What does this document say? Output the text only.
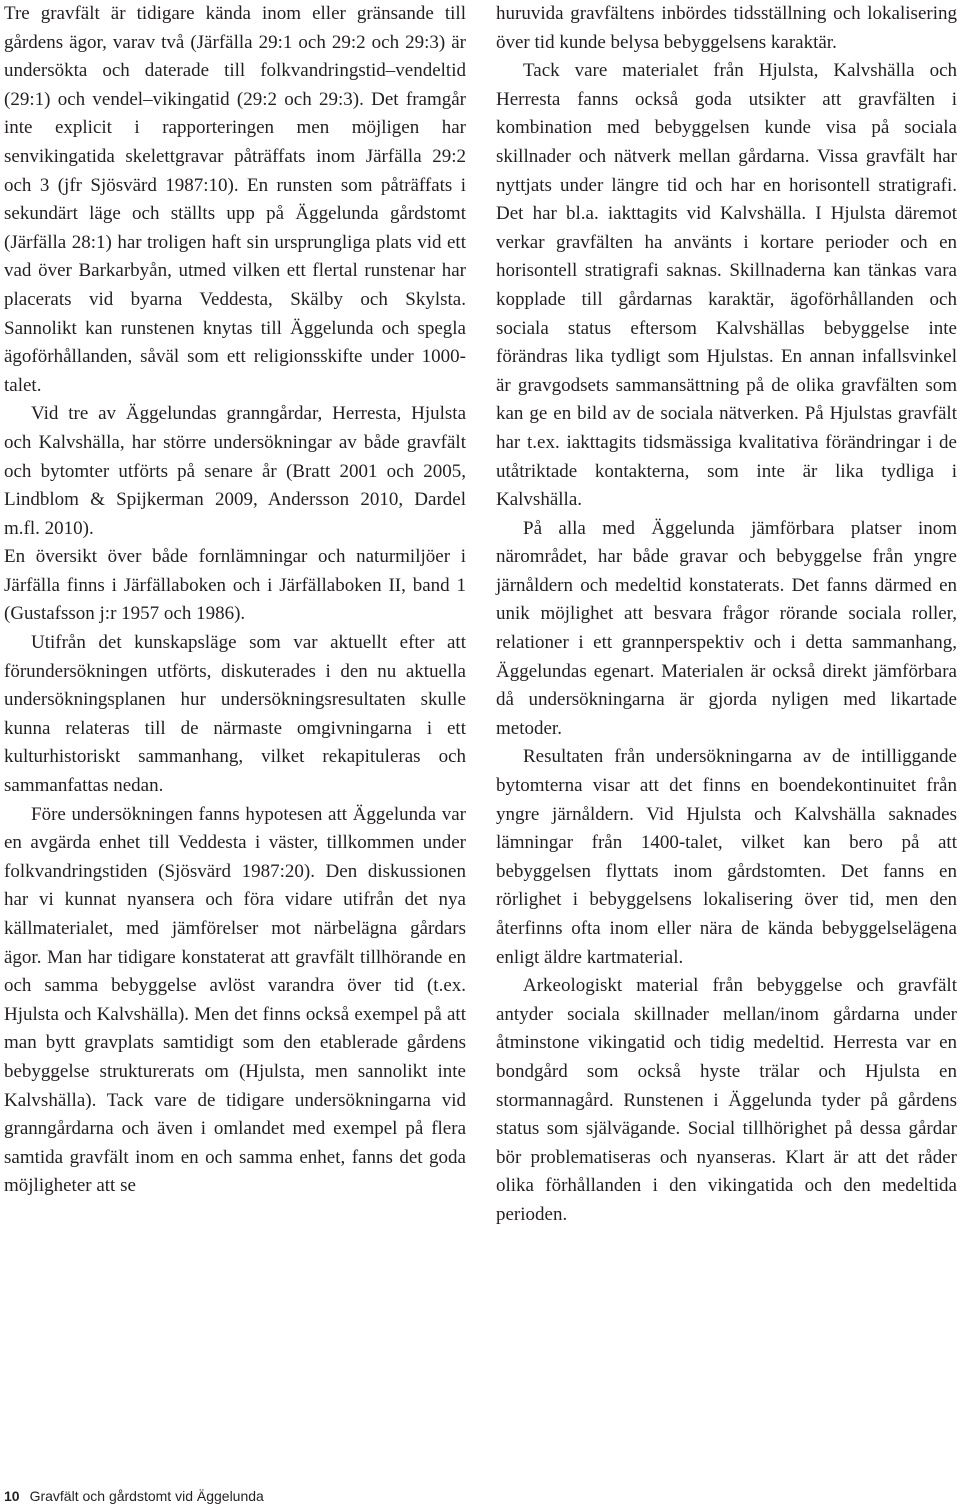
Tre gravfält är tidigare kända inom eller gränsande till gårdens ägor, varav två (Järfälla 29:1 och 29:2 och 29:3) är undersökta och daterade till folkvandringstid–vendeltid (29:1) och vendel–vikingatid (29:2 och 29:3). Det framgår inte explicit i rapporteringen men möjligen har senvikingatida skelettgravar påträffats inom Järfälla 29:2 och 3 (jfr Sjösvärd 1987:10). En runsten som påträffats i sekundärt läge och ställts upp på Äggelunda gårdstomt (Järfälla 28:1) har troligen haft sin ursprungliga plats vid ett vad över Barkarbyån, utmed vilken ett flertal runstenar har placerats vid byarna Veddesta, Skälby och Skylsta. Sannolikt kan runstenen knytas till Äggelunda och spegla ägoförhållanden, såväl som ett religionsskifte under 1000-talet.

Vid tre av Äggelundas granngårdar, Herresta, Hjulsta och Kalvshälla, har större undersökningar av både gravfält och bytomter utförts på senare år (Bratt 2001 och 2005, Lindblom & Spijkerman 2009, Andersson 2010, Dardel m.fl. 2010).

En översikt över både fornlämningar och naturmiljöer i Järfälla finns i Järfällaboken och i Järfällaboken II, band 1 (Gustafsson j:r 1957 och 1986).

Utifrån det kunskapsläge som var aktuellt efter att förundersökningen utförts, diskuterades i den nu aktuella undersökningsplanen hur undersökningsresultaten skulle kunna relateras till de närmaste omgivningarna i ett kulturhistoriskt sammanhang, vilket rekapituleras och sammanfattas nedan.

Före undersökningen fanns hypotesen att Äggelunda var en avgärda enhet till Veddesta i väster, tillkommen under folkvandringstiden (Sjösvärd 1987:20). Den diskussionen har vi kunnat nyansera och föra vidare utifrån det nya källmaterialet, med jämförelser mot närbelägna gårdars ägor. Man har tidigare konstaterat att gravfält tillhörande en och samma bebyggelse avlöst varandra över tid (t.ex. Hjulsta och Kalvshälla). Men det finns också exempel på att man bytt gravplats samtidigt som den etablerade gårdens bebyggelse strukturerats om (Hjulsta, men sannolikt inte Kalvshälla). Tack vare de tidigare undersökningarna vid granngårdarna och även i omlandet med exempel på flera samtida gravfält inom en och samma enhet, fanns det goda möjligheter att se

huruvida gravfältens inbördes tidsställning och lokalisering över tid kunde belysa bebyggelsens karaktär.

Tack vare materialet från Hjulsta, Kalvshälla och Herresta fanns också goda utsikter att gravfälten i kombination med bebyggelsen kunde visa på sociala skillnader och nätverk mellan gårdarna. Vissa gravfält har nyttjats under längre tid och har en horisontell stratigrafi. Det har bl.a. iakttagits vid Kalvshälla. I Hjulsta däremot verkar gravfälten ha använts i kortare perioder och en horisontell stratigrafi saknas. Skillnaderna kan tänkas vara kopplade till gårdarnas karaktär, ägoförhållanden och sociala status eftersom Kalvshällas bebyggelse inte förändras lika tydligt som Hjulstas. En annan infallsvinkel är gravgodsets sammansättning på de olika gravfälten som kan ge en bild av de sociala nätverken. På Hjulstas gravfält har t.ex. iakttagits tidsmässiga kvalitativa förändringar i de utåtriktade kontakterna, som inte är lika tydliga i Kalvshälla.

På alla med Äggelunda jämförbara platser inom närområdet, har både gravar och bebyggelse från yngre järnåldern och medeltid konstaterats. Det fanns därmed en unik möjlighet att besvara frågor rörande sociala roller, relationer i ett grannperspektiv och i detta sammanhang, Äggelundas egenart. Materialen är också direkt jämförbara då undersökningarna är gjorda nyligen med likartade metoder.

Resultaten från undersökningarna av de intilliggande bytomterna visar att det finns en boendekontinuitet från yngre järnåldern. Vid Hjulsta och Kalvshälla saknades lämningar från 1400-talet, vilket kan bero på att bebyggelsen flyttats inom gårdstomten. Det fanns en rörlighet i bebyggelsens lokalisering över tid, men den återfinns ofta inom eller nära de kända bebyggelselägena enligt äldre kartmaterial.

Arkeologiskt material från bebyggelse och gravfält antyder sociala skillnader mellan/inom gårdarna under åtminstone vikingatid och tidig medeltid. Herresta var en bondgård som också hyste trälar och Hjulsta en stormannagård. Runstenen i Äggelunda tyder på gårdens status som självägande. Social tillhörighet på dessa gårdar bör problematiseras och nyanseras. Klart är att det råder olika förhållanden i den vikingatida och den medeltida perioden.

10 Gravfält och gårdstomt vid Äggelunda
